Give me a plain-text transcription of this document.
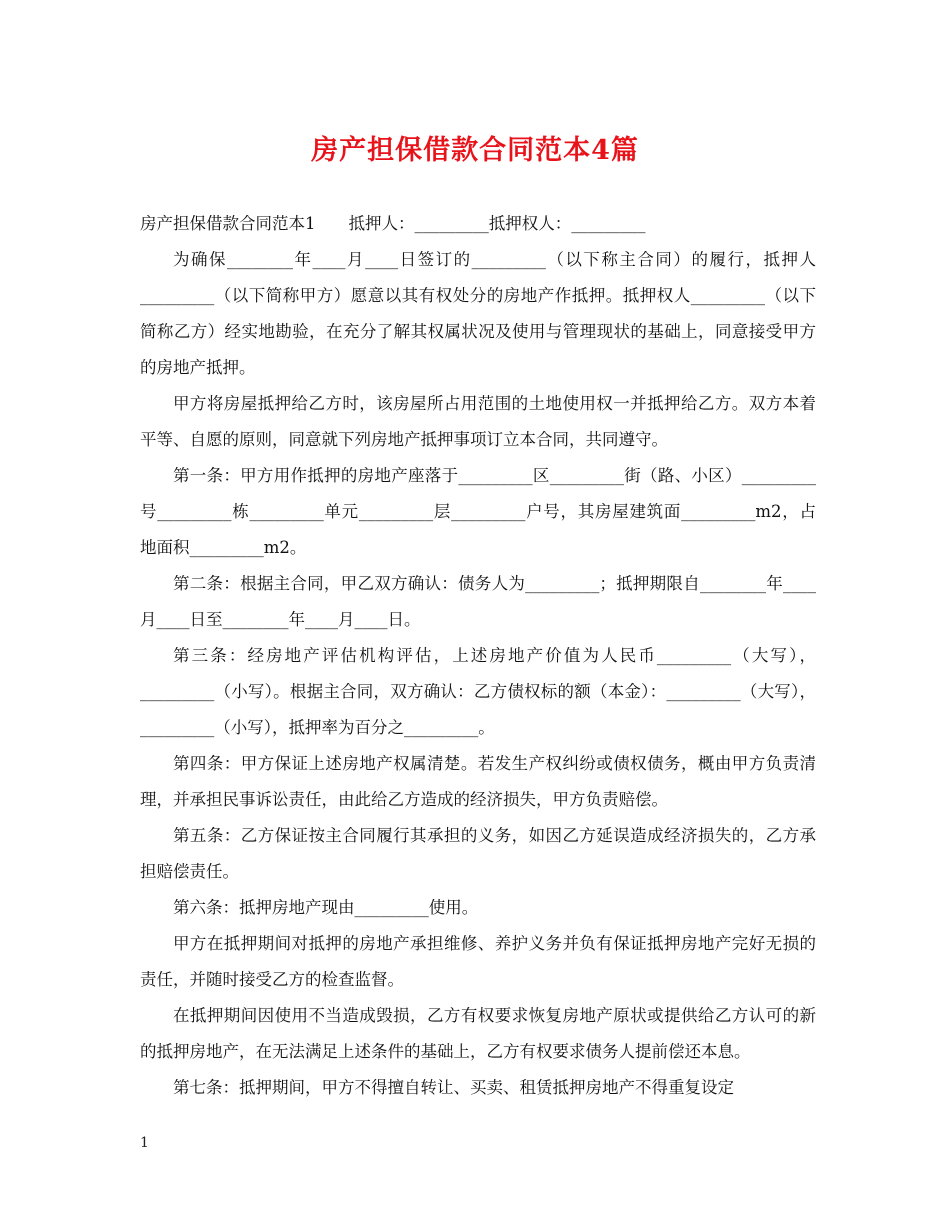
房产担保借款合同范本4篇

房产担保借款合同范本1　　抵押人：_________抵押权人：_________

为确保________年____月____日签订的_________（以下称主合同）的履行，抵押人_________（以下简称甲方）愿意以其有权处分的房地产作抵押。抵押权人_________（以下简称乙方）经实地勘验，在充分了解其权属状况及使用与管理现状的基础上，同意接受甲方的房地产抵押。

甲方将房屋抵押给乙方时，该房屋所占用范围的土地使用权一并抵押给乙方。双方本着平等、自愿的原则，同意就下列房地产抵押事项订立本合同，共同遵守。

第一条：甲方用作抵押的房地产座落于_________区_________街（路、小区）_________号_________栋_________单元_________层_________户号，其房屋建筑面_________m2，占地面积_________m2。

第二条：根据主合同，甲乙双方确认：债务人为_________；抵押期限自________年____月____日至________年____月____日。

第三条：经房地产评估机构评估，上述房地产价值为人民币_________（大写），_________（小写）。根据主合同，双方确认：乙方债权标的额（本金）：_________（大写），_________（小写），抵押率为百分之_________。

第四条：甲方保证上述房地产权属清楚。若发生产权纠纷或债权债务，概由甲方负责清理，并承担民事诉讼责任，由此给乙方造成的经济损失，甲方负责赔偿。

第五条：乙方保证按主合同履行其承担的义务，如因乙方延误造成经济损失的，乙方承担赔偿责任。

第六条：抵押房地产现由_________使用。

甲方在抵押期间对抵押的房地产承担维修、养护义务并负有保证抵押房地产完好无损的责任，并随时接受乙方的检查监督。

在抵押期间因使用不当造成毁损，乙方有权要求恢复房地产原状或提供给乙方认可的新的抵押房地产，在无法满足上述条件的基础上，乙方有权要求债务人提前偿还本息。

第七条：抵押期间，甲方不得擅自转让、买卖、租赁抵押房地产不得重复设定

1
